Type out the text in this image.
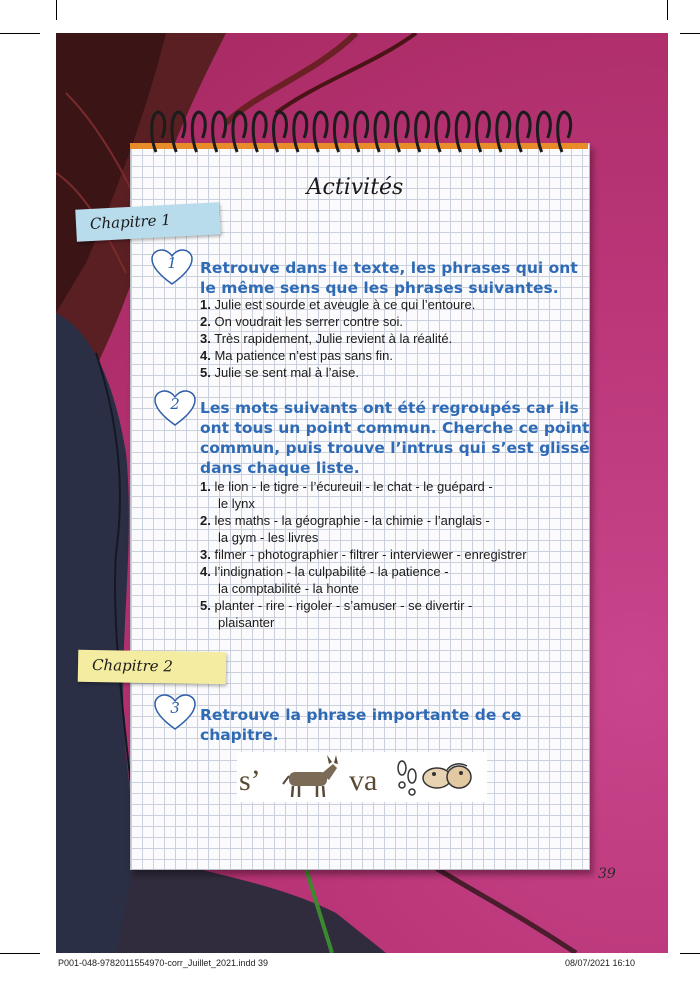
Activités
Chapitre 1
1	Retrouve dans le texte, les phrases qui ont
le même sens que les phrases suivantes.
1. Julie est sourde et aveugle à ce qui l’entoure.
2. On voudrait les serrer contre soi.
3. Très rapidement, Julie revient à la réalité.
4. Ma patience n’est pas sans fin.
5. Julie se sent mal à l’aise.
2	Les mots suivants ont été regroupés car ils
ont tous un point commun. Cherche ce point
commun, puis trouve l’intrus qui s’est glissé
dans chaque liste.
1. le lion - le tigre - l’écureuil - le chat - le guépard -
le lynx
2. les maths - la géographie - la chimie - l’anglais -
la gym - les livres
3. filmer - photographier - filtrer - interviewer - enregistrer
4. l’indignation - la culpabilité - la patience -
la comptabilité - la honte
5. planter - rire - rigoler - s’amuser - se divertir -
plaisanter
Chapitre 2
3	Retrouve la phrase importante de ce
chapitre.
s’	va
39
P001-048-9782011554970-corr_Juillet_2021.indd 39	08/07/2021 16:10
